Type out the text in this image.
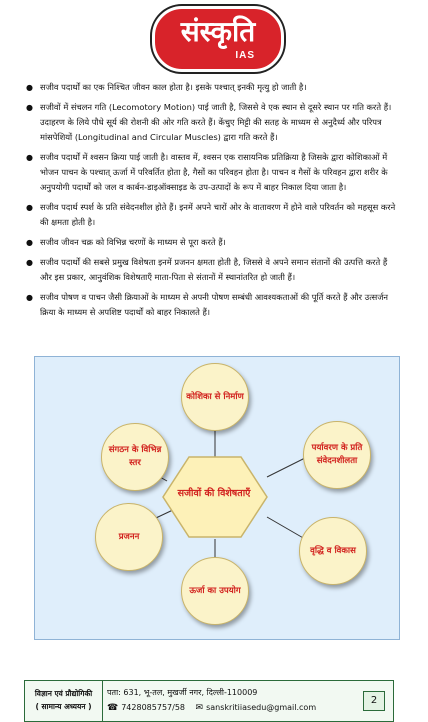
संस्कृति
IAS
● सजीव पदार्थों का एक निश्चित जीवन काल होता है। इसके पश्चात् इनकी मृत्यु हो जाती है।
● सजीवों में संचलन गति (Lecomotory Motion) पाई जाती है, जिससे वे एक स्थान से दूसरे स्थान पर गति करते हैं। उदाहरण के लिये पौधे सूर्य की रोशनी की ओर गति करते हैं। केंचुए मिट्टी की सतह के माध्यम से अनुदैर्ध्य और परिपत्र मांसपेशियों (Longitudinal and Circular Muscles) द्वारा गति करते हैं।
● सजीव पदार्थों में श्वसन क्रिया पाई जाती है। वास्तव में, श्वसन एक रासायनिक प्रतिक्रिया है जिसके द्वारा कोशिकाओं में भोजन पाचन के पश्चात् ऊर्जा में परिवर्तित होता है, गैसों का परिवहन होता है। पाचन व गैसों के परिवहन द्वारा शरीर के अनुपयोगी पदार्थों को जल व कार्बन-डाइऑक्साइड के उप-उत्पादों के रूप में बाहर निकाल दिया जाता है।
● सजीव पदार्थ स्पर्श के प्रति संवेदनशील होते हैं। इनमें अपने चारों ओर के वातावरण में होने वाले परिवर्तन को महसूस करने की क्षमता होती है।
● सजीव जीवन चक्र को विभिन्न चरणों के माध्यम से पूरा करते हैं।
● सजीव पदार्थों की सबसे प्रमुख विशेषता इनमें प्रजनन क्षमता होती है, जिससे वे अपने समान संतानों की उत्पत्ति करते हैं और इस प्रकार, आनुवंशिक विशेषताएँ माता-पिता से संतानों में स्थानांतरित हो जाती हैं।
● सजीव पोषण व पाचन जैसी क्रियाओं के माध्यम से अपनी पोषण सम्बंधी आवश्यकताओं की पूर्ति करते हैं और उत्सर्जन क्रिया के माध्यम से अपशिष्ट पदार्थों को बाहर निकालते हैं।
सजीवों की विशेषताएँ
कोशिका से निर्माण
पर्यावरण के प्रति संवेदनशीलता
वृद्धि व विकास
ऊर्जा का उपयोग
प्रजनन
संगठन के विभिन्न स्तर
विज्ञान एवं प्रौद्योगिकी
( सामान्य अध्ययन )
पता: 631, भू-तल, मुखर्जी नगर, दिल्ली-110009
☎ 7428085757/58 ✉ sanskritiiasedu@gmail.com
2
